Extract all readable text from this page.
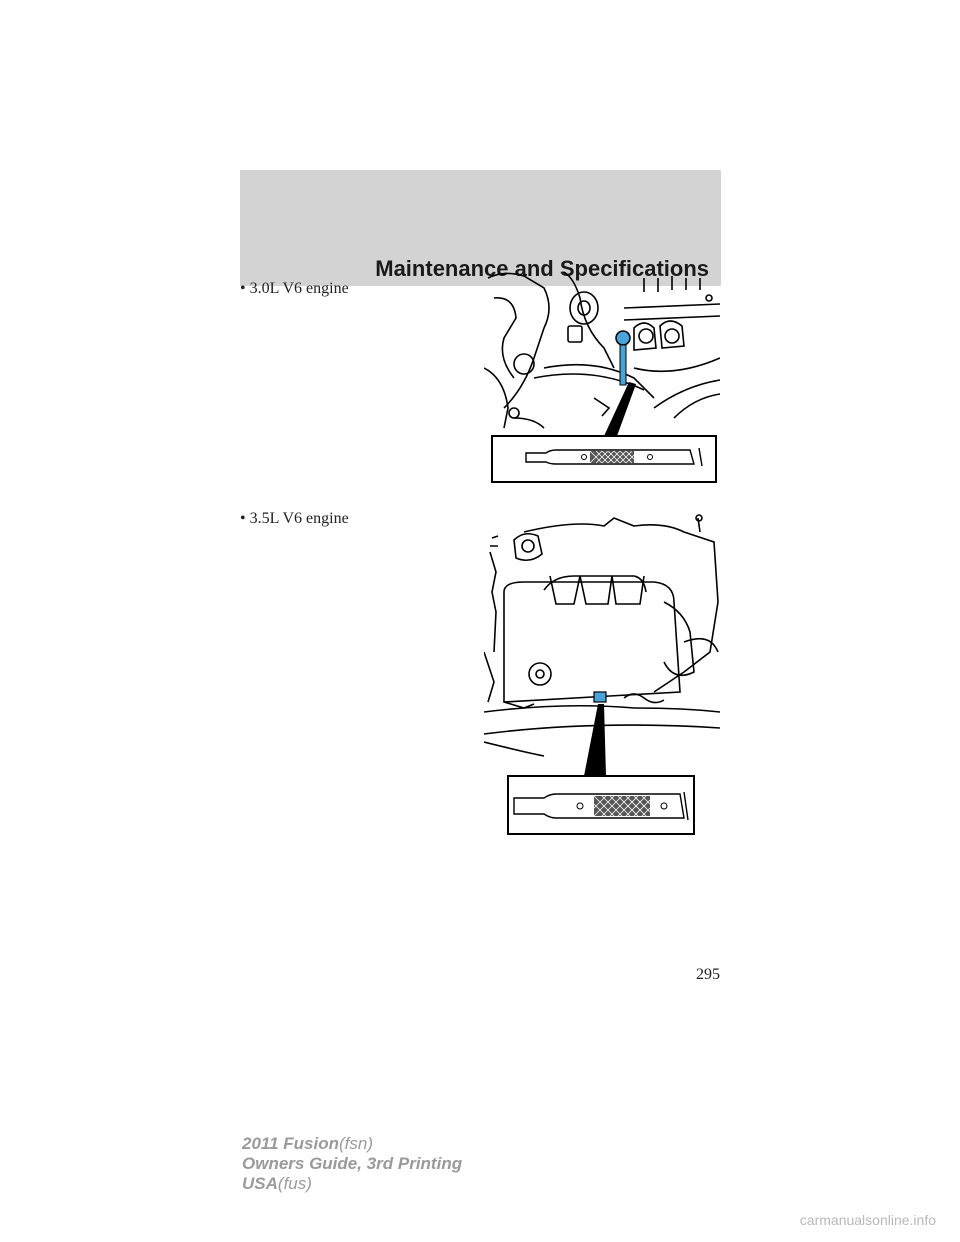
Maintenance and Specifications
• 3.0L V6 engine
• 3.5L V6 engine
295
2011 Fusion(fsn)
Owners Guide, 3rd Printing
USA(fus)
carmanualsonline.info
